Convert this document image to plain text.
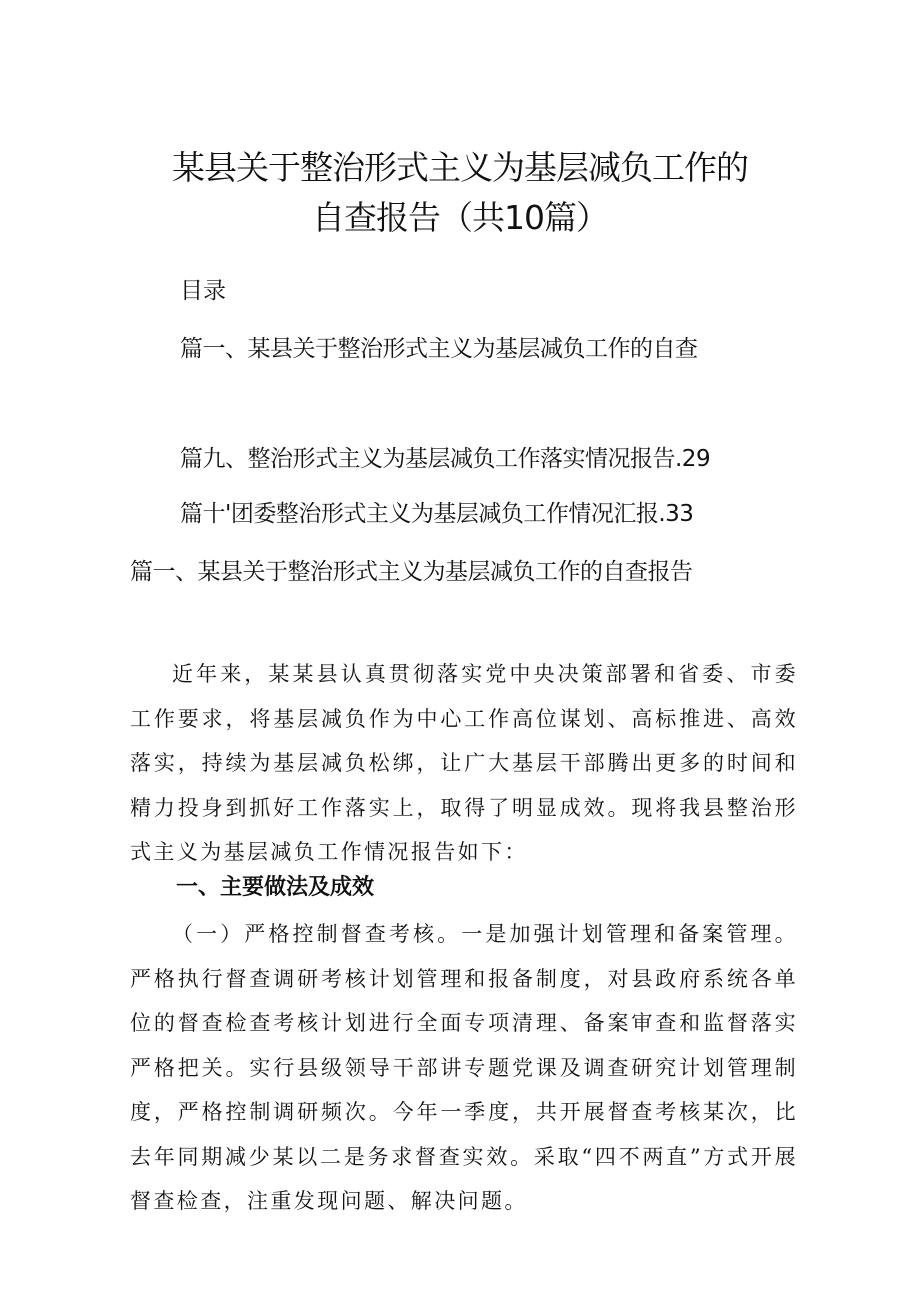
某县关于整治形式主义为基层减负工作的
自查报告（共10篇）
目录
篇一、某县关于整治形式主义为基层减负工作的自查
篇九、整治形式主义为基层减负工作落实情况报告.29
篇十'团委整治形式主义为基层减负工作情况汇报.33
篇一、某县关于整治形式主义为基层减负工作的自查报告

近年来，某某县认真贯彻落实党中央决策部署和省委、市委工作要求，将基层减负作为中心工作高位谋划、高标推进、高效落实，持续为基层减负松绑，让广大基层干部腾出更多的时间和精力投身到抓好工作落实上，取得了明显成效。现将我县整治形式主义为基层减负工作情况报告如下：

一、主要做法及成效

（一）严格控制督查考核。一是加强计划管理和备案管理。严格执行督查调研考核计划管理和报备制度，对县政府系统各单位的督查检查考核计划进行全面专项清理、备案审查和监督落实严格把关。实行县级领导干部讲专题党课及调查研究计划管理制度，严格控制调研频次。今年一季度，共开展督查考核某次，比去年同期减少某以二是务求督查实效。采取“四不两直”方式开展督查检查，注重发现问题、解决问题。
